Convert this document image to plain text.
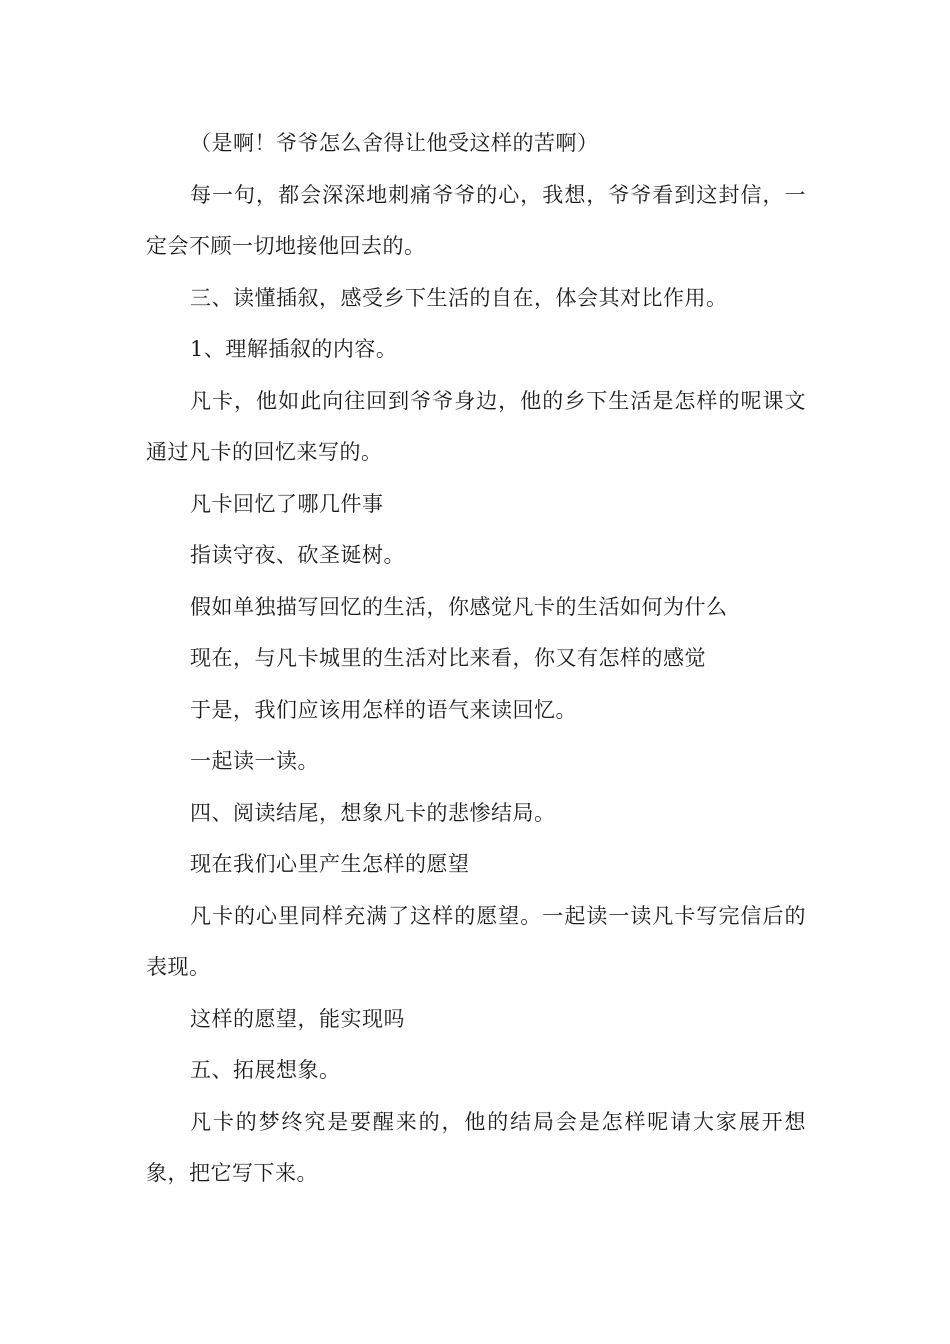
（是啊！爷爷怎么舍得让他受这样的苦啊）

每一句，都会深深地刺痛爷爷的心，我想，爷爷看到这封信，一定会不顾一切地接他回去的。

三、读懂插叙，感受乡下生活的自在，体会其对比作用。

1、理解插叙的内容。

凡卡，他如此向往回到爷爷身边，他的乡下生活是怎样的呢课文通过凡卡的回忆来写的。

凡卡回忆了哪几件事

指读守夜、砍圣诞树。

假如单独描写回忆的生活，你感觉凡卡的生活如何为什么

现在，与凡卡城里的生活对比来看，你又有怎样的感觉

于是，我们应该用怎样的语气来读回忆。

一起读一读。

四、阅读结尾，想象凡卡的悲惨结局。

现在我们心里产生怎样的愿望

凡卡的心里同样充满了这样的愿望。一起读一读凡卡写完信后的表现。

这样的愿望，能实现吗

五、拓展想象。

凡卡的梦终究是要醒来的，他的结局会是怎样呢请大家展开想象，把它写下来。
